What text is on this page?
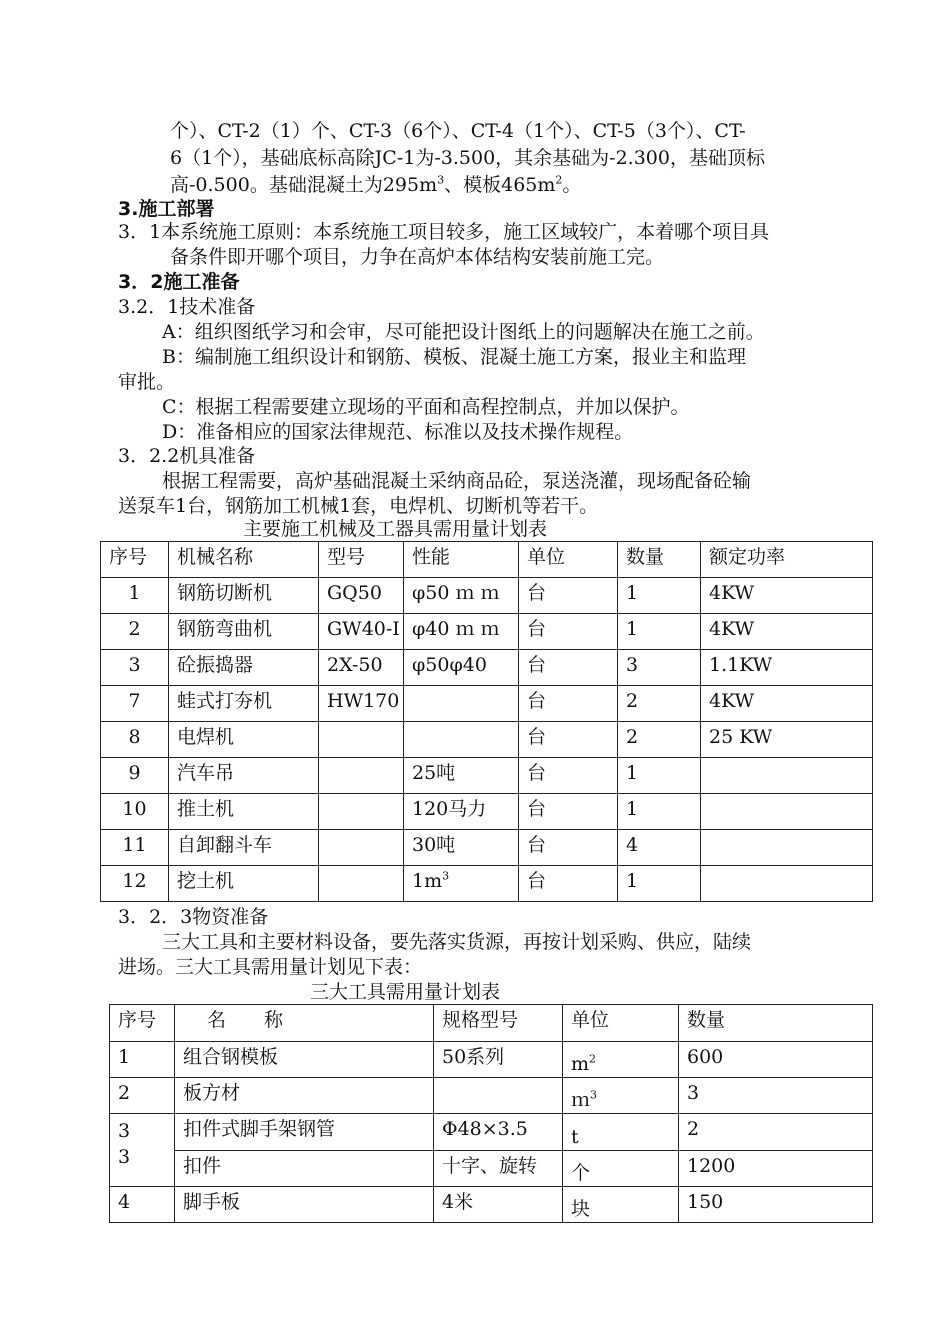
个）、CT-2（1）个、CT-3（6个）、CT-4（1个）、CT-5（3个）、CT-
6（1个），基础底标高除JC-1为-3.500，其余基础为-2.300，基础顶标
高-0.500。基础混凝土为$295m^3$、模板$465m^2$。
3.施工部署
3．1本系统施工原则：本系统施工项目较多，施工区域较广，本着哪个项目具
备条件即开哪个项目，力争在高炉本体结构安装前施工完。
3．2施工准备
3.2．1技术准备
A：组织图纸学习和会审，尽可能把设计图纸上的问题解决在施工之前。
B：编制施工组织设计和钢筋、模板、混凝土施工方案，报业主和监理
审批。
C：根据工程需要建立现场的平面和高程控制点，并加以保护。
D：准备相应的国家法律规范、标准以及技术操作规程。
3．2.2机具准备
根据工程需要，高炉基础混凝土采纳商品砼，泵送浇灌，现场配备砼输
送泵车1台，钢筋加工机械1套，电焊机、切断机等若干。
主要施工机械及工器具需用量计划表
序号	机械名称	型号	性能	单位	数量	额定功率
1	钢筋切断机	GQ50	φ50 ｍ ｍ	台	1	4KW
2	钢筋弯曲机	GW40-I	φ40 ｍ ｍ	台	1	4KW
3	砼振捣器	2X-50	φ50φ40	台	3	1.1KW
7	蛙式打夯机	HW170		台	2	4KW
8	电焊机			台	2	25 KW
9	汽车吊		25吨	台	1	
10	推土机		120马力	台	1	
11	自卸翻斗车		30吨	台	4	
12	挖土机		$1m^3$	台	1	
3．2．3物资准备
三大工具和主要材料设备，要先落实货源，再按计划采购、供应，陆续
进场。三大工具需用量计划见下表：
三大工具需用量计划表
序号	名　　称	规格型号	单位	数量
1	组合钢模板	50系列	$m^2$	600
2	板方材		ｍ$^3$	3

3
3	扣件式脚手架钢管	Φ48×3.5	t	2
	扣件	十字、旋转	个	1200
4	脚手板	4米	块	150
